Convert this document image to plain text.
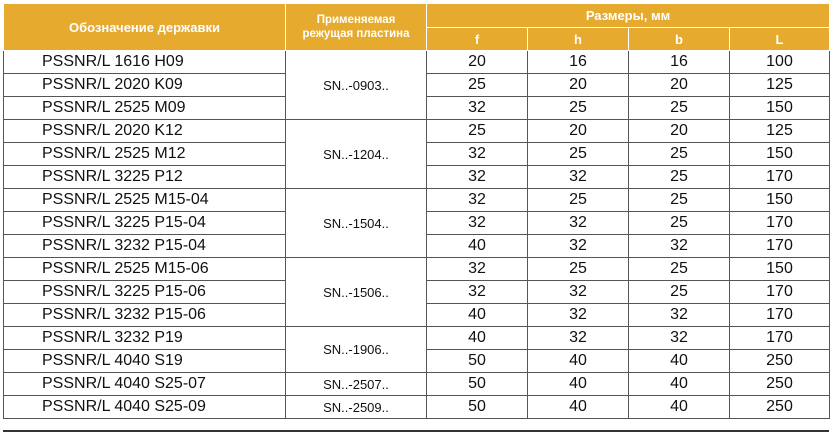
Обозначение державки	Применяемая
режущая пластина	Размеры, мм			
		f	h	b	L
PSSNR/L 1616 H09	SN..-0903..	20	16	16	100
PSSNR/L 2020 K09		25	20	20	125
PSSNR/L 2525 M09		32	25	25	150
PSSNR/L 2020 K12	SN..-1204..	25	20	20	125
PSSNR/L 2525 M12		32	25	25	150
PSSNR/L 3225 P12		32	32	25	170
PSSNR/L 2525 M15-04	SN..-1504..	32	25	25	150
PSSNR/L 3225 P15-04		32	32	25	170
PSSNR/L 3232 P15-04		40	32	32	170
PSSNR/L 2525 M15-06	SN..-1506..	32	25	25	150
PSSNR/L 3225 P15-06		32	32	25	170
PSSNR/L 3232 P15-06		40	32	32	170
PSSNR/L 3232 P19	SN..-1906..	40	32	32	170
PSSNR/L 4040 S19		50	40	40	250
PSSNR/L 4040 S25-07	SN..-2507..	50	40	40	250
PSSNR/L 4040 S25-09	SN..-2509..	50	40	40	250
